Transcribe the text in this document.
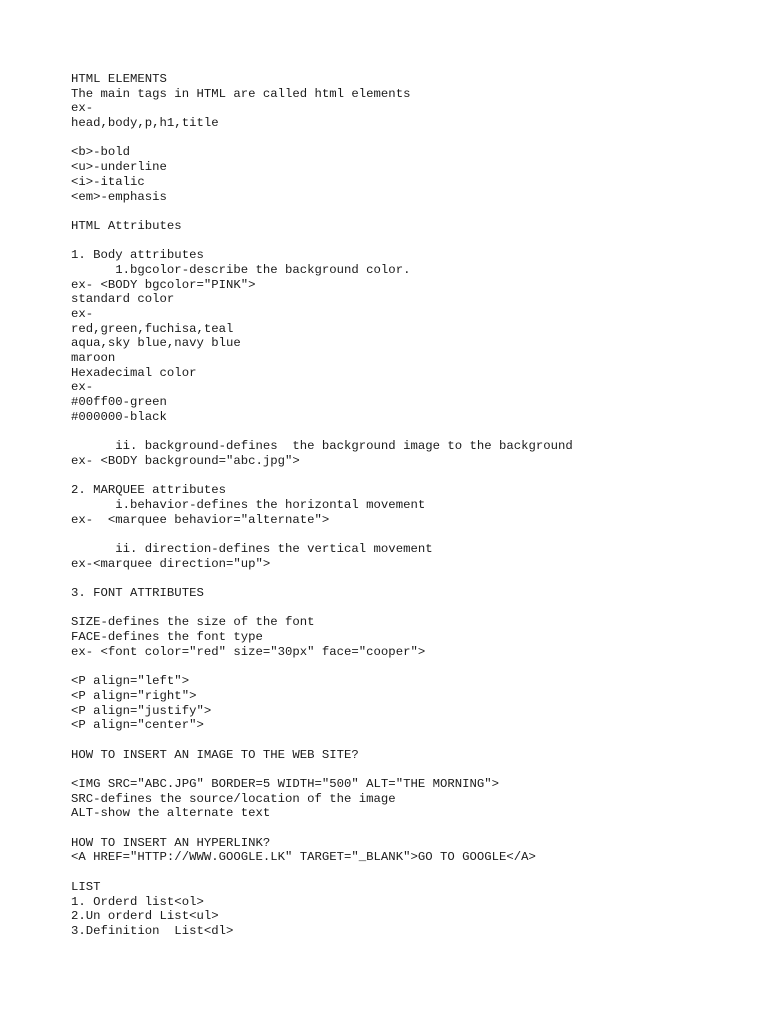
HTML ELEMENTS
The main tags in HTML are called html elements
ex-
head,body,p,h1,title
<b>-bold
<u>-underline
<i>-italic
<em>-emphasis
HTML Attributes
1. Body attributes
1.bgcolor-describe the background color.
ex- <BODY bgcolor="PINK">
standard color
ex-
red,green,fuchisa,teal
aqua,sky blue,navy blue
maroon
Hexadecimal color
ex-
#00ff00-green
#000000-black
ii. background-defines  the background image to the background
ex- <BODY background="abc.jpg">
2. MARQUEE attributes
i.behavior-defines the horizontal movement
ex-  <marquee behavior="alternate">
ii. direction-defines the vertical movement
ex-<marquee direction="up">
3. FONT ATTRIBUTES
SIZE-defines the size of the font
FACE-defines the font type
ex- <font color="red" size="30px" face="cooper">
<P align="left">
<P align="right">
<P align="justify">
<P align="center">
HOW TO INSERT AN IMAGE TO THE WEB SITE?
<IMG SRC="ABC.JPG" BORDER=5 WIDTH="500" ALT="THE MORNING">
SRC-defines the source/location of the image
ALT-show the alternate text
HOW TO INSERT AN HYPERLINK?
<A HREF="HTTP://WWW.GOOGLE.LK" TARGET="_BLANK">GO TO GOOGLE</A>
LIST
1. Orderd list<ol>
2.Un orderd List<ul>
3.Definition  List<dl>
